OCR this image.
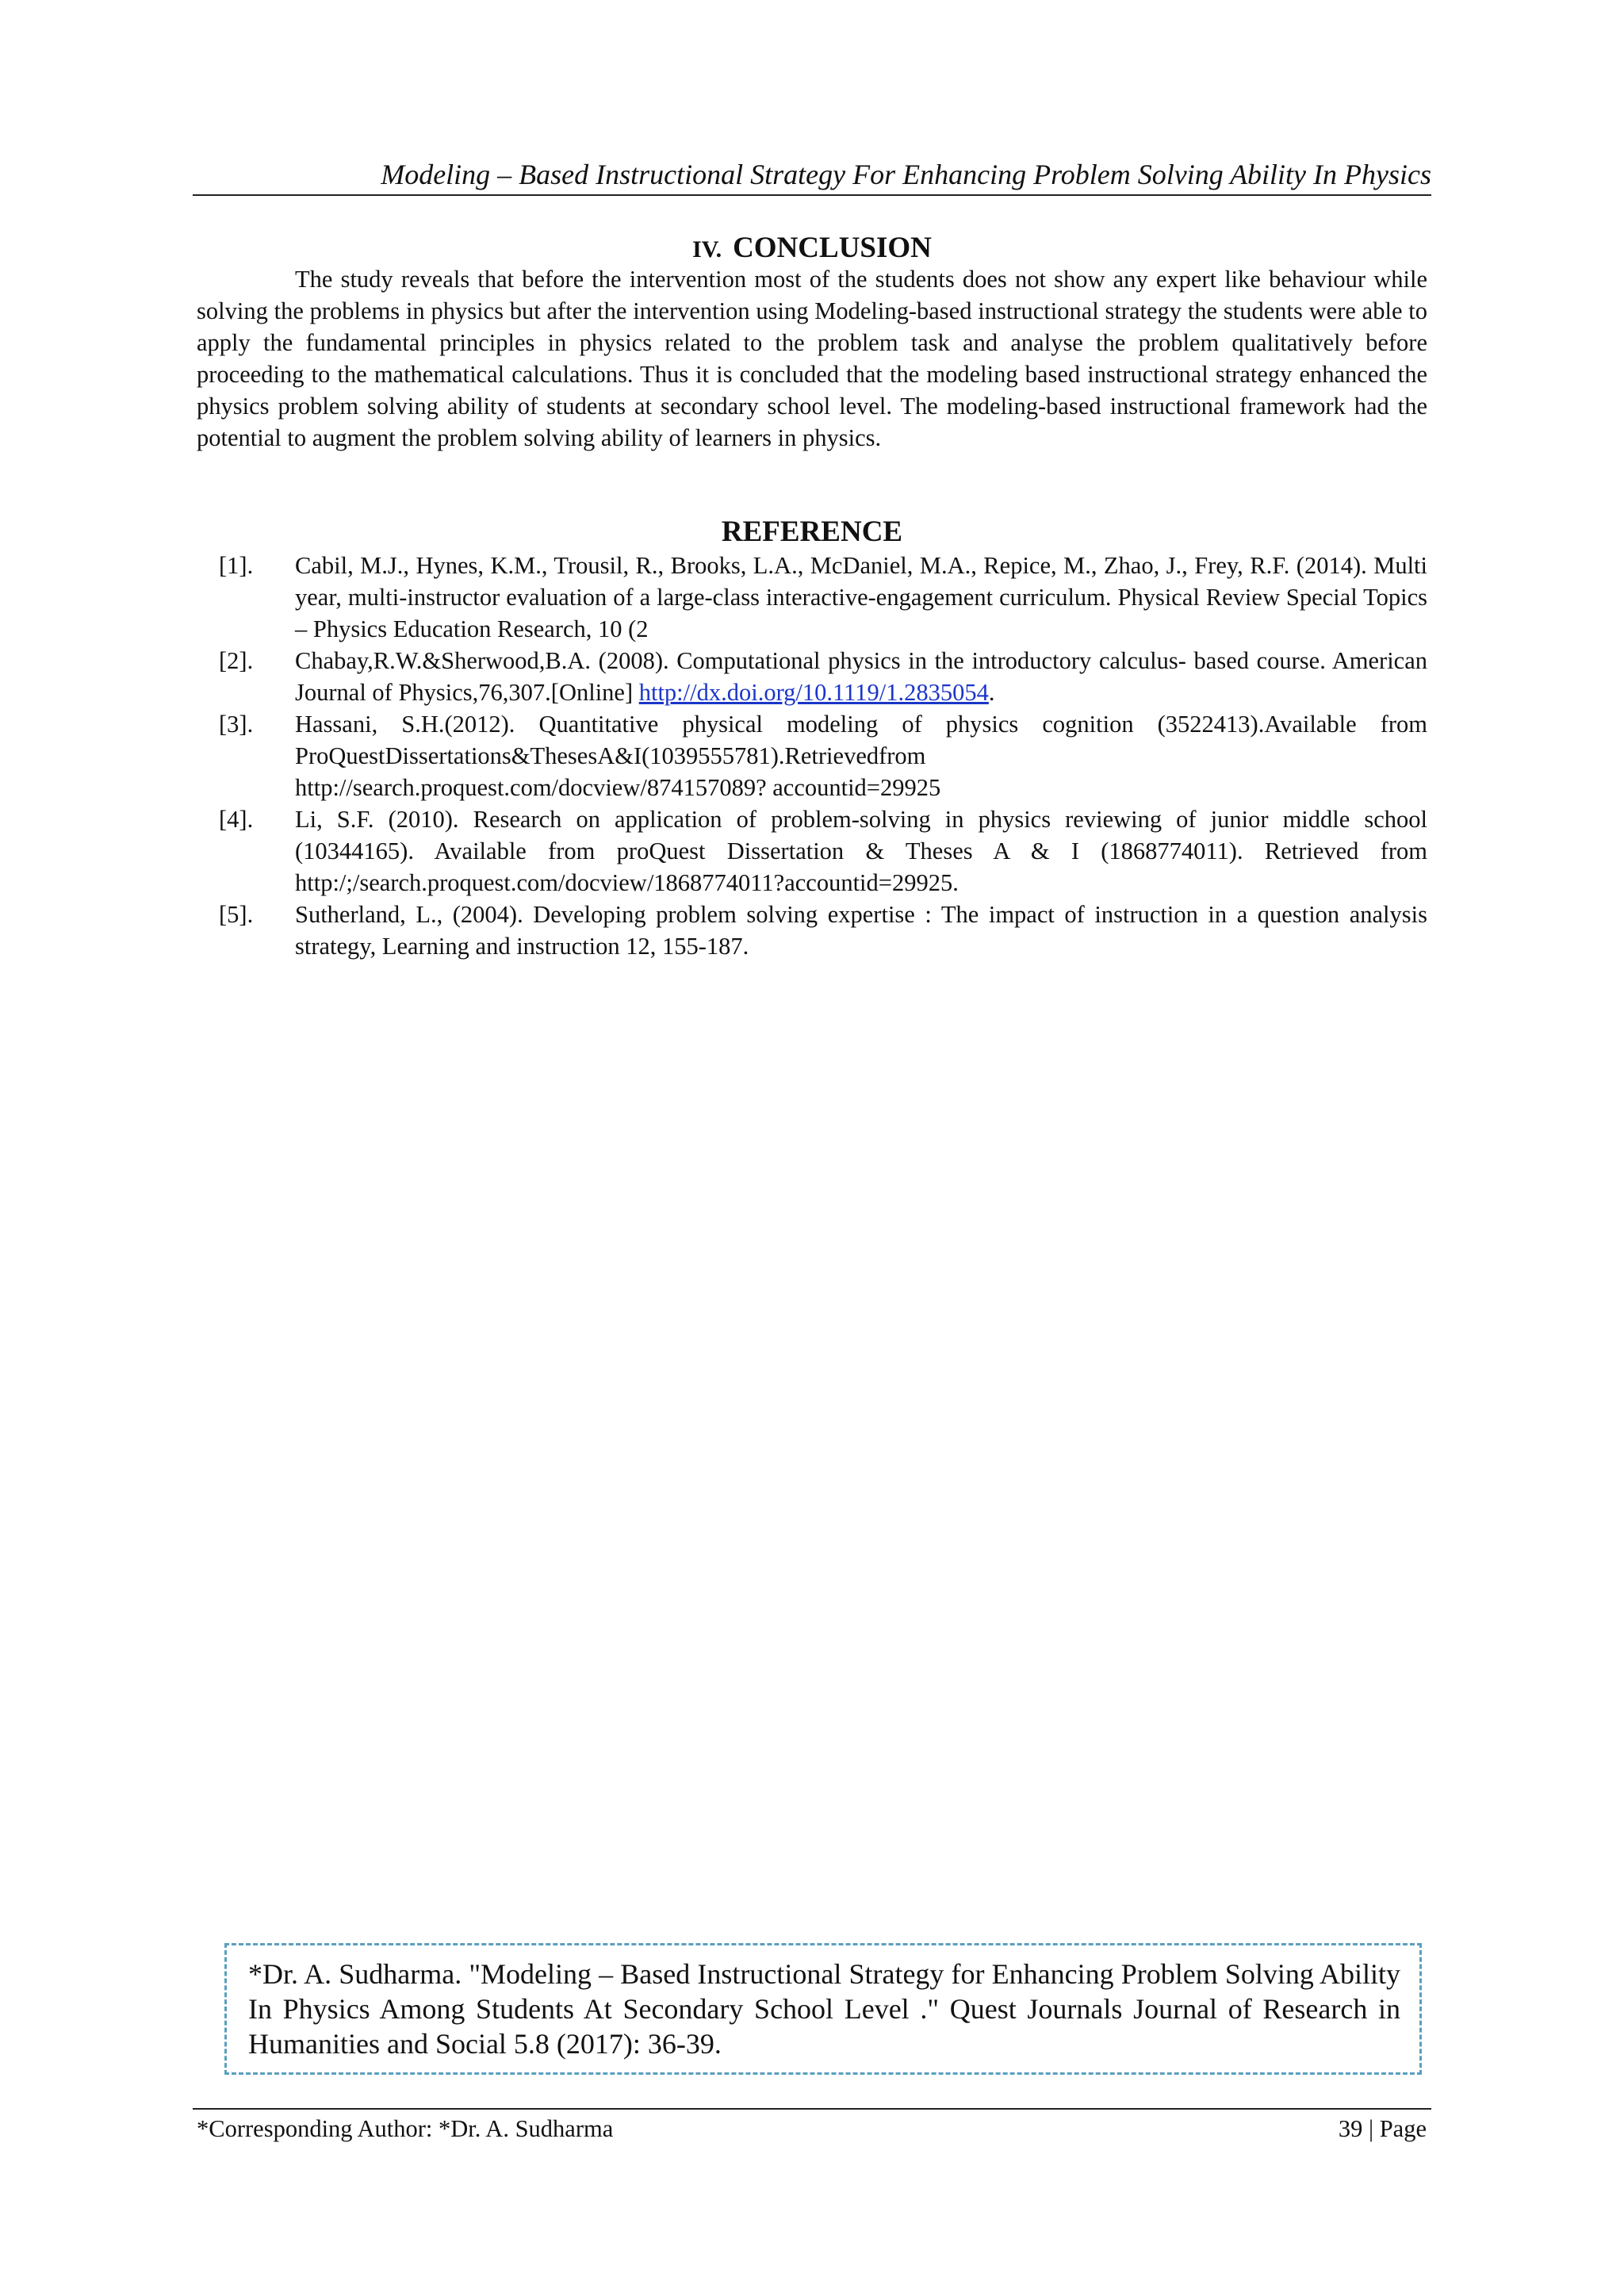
Modeling – Based Instructional Strategy For Enhancing Problem Solving Ability In Physics
IV. CONCLUSION

The study reveals that before the intervention most of the students does not show any expert like behaviour while solving the problems in physics but after the intervention using Modeling-based instructional strategy the students were able to apply the fundamental principles in physics related to the problem task and analyse the problem qualitatively before proceeding to the mathematical calculations. Thus it is concluded that the modeling based instructional strategy enhanced the physics problem solving ability of students at secondary school level. The modeling-based instructional framework had the potential to augment the problem solving ability of learners in physics.

REFERENCE
[1]. Cabil, M.J., Hynes, K.M., Trousil, R., Brooks, L.A., McDaniel, M.A., Repice, M., Zhao, J., Frey, R.F. (2014). Multi year, multi-instructor evaluation of a large-class interactive-engagement curriculum. Physical Review Special Topics – Physics Education Research, 10 (2
[2]. Chabay,R.W.&Sherwood,B.A. (2008). Computational physics in the introductory calculus- based course. American Journal of Physics,76,307.[Online] http://dx.doi.org/10.1119/1.2835054.
[3]. Hassani, S.H.(2012). Quantitative physical modeling of physics cognition (3522413).Available from
ProQuestDissertations&ThesesA&I(1039555781).Retrievedfrom
http://search.proquest.com/docview/874157089? accountid=29925
[4]. Li, S.F. (2010). Research on application of problem-solving in physics reviewing of junior middle school (10344165). Available from proQuest Dissertation & Theses A & I (1868774011). Retrieved from http:/;/search.proquest.com/docview/1868774011?accountid=29925.
[5]. Sutherland, L., (2004). Developing problem solving expertise : The impact of instruction in a question analysis strategy, Learning and instruction 12, 155-187.
*Dr. A. Sudharma. "Modeling – Based Instructional Strategy for Enhancing Problem Solving Ability In Physics Among Students At Secondary School Level ." Quest Journals Journal of Research in Humanities and Social 5.8 (2017): 36-39.
*Corresponding Author: *Dr. A. Sudharma	39 | Page
